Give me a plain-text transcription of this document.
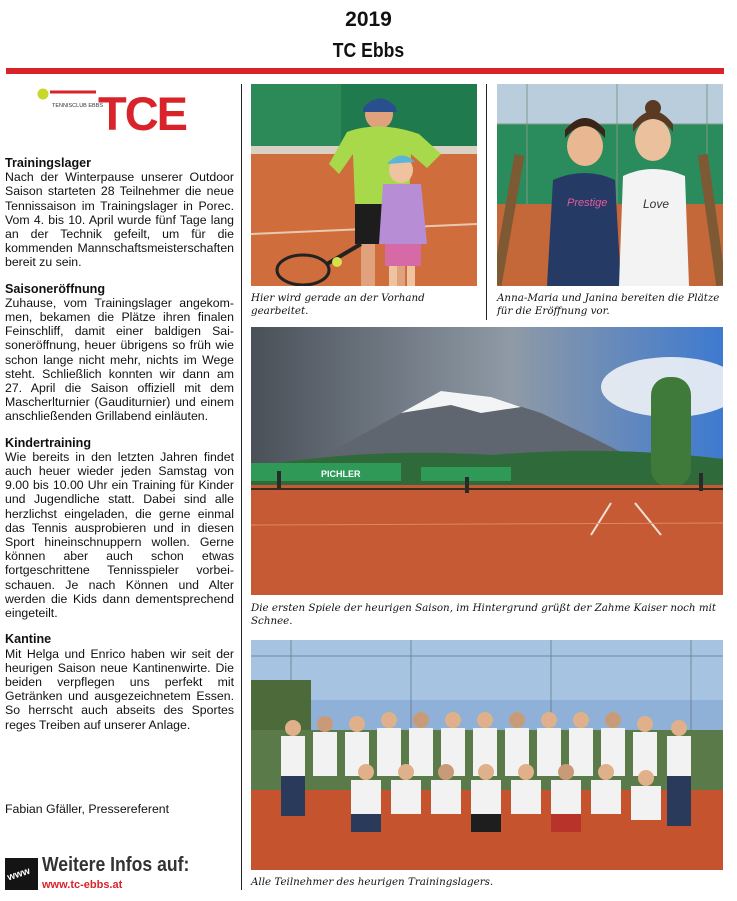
2019
TC Ebbs
TENNISCLUB EBBS
TCE
Trainingslager

Nach der Winterpause unserer Outdoor Saison starteten 28 Teilnehmer die neue Tennissaison im Trainingslager in Porec. Vom 4. bis 10. April wurde fünf Tage lang an der Technik gefeilt, um für die kommenden Mannschaftsmeisterschaften bereit zu sein.

Saisoneröffnung

Zuhause, vom Trainingslager angekommen, bekamen die Plätze ihren finalen Feinschliff, damit einer baldigen Saisoneröffnung, heuer übrigens so früh wie schon lange nicht mehr, nichts im Wege steht. Schließlich konnten wir dann am 27. April die Saison offiziell mit dem Mascherlturnier (Gauditurnier) und einem anschließenden Grillabend einläuten.

Kindertraining

Wie bereits in den letzten Jahren findet auch heuer wieder jeden Samstag von 9.00 bis 10.00 Uhr ein Training für Kinder und Jugendliche statt. Dabei sind alle herzlichst eingeladen, die gerne einmal das Tennis ausprobieren und in diesen Sport hineinschnuppern wollen. Gerne können aber auch schon etwas fortgeschrittene Tennisspieler vorbeischauen. Je nach Können und Alter werden die Kids dann dementsprechend eingeteilt.

Kantine

Mit Helga und Enrico haben wir seit der heurigen Saison neue Kantinenwirte. Die beiden verpflegen uns perfekt mit Getränken und ausgezeichnetem Essen. So herrscht auch abseits des Sportes reges Treiben auf unserer Anlage.

Fabian Gfäller, Pressereferent
www Weitere Infos auf:
www.tc-ebbs.at
Hier wird gerade an der Vorhand gearbeitet.
Prestige	Love
Anna-Maria und Janina bereiten die Plätze für die Eröffnung vor.
PICHLER
Die ersten Spiele der heurigen Saison, im Hintergrund grüßt der Zahme Kaiser noch mit Schnee.
Alle Teilnehmer des heurigen Trainingslagers.
